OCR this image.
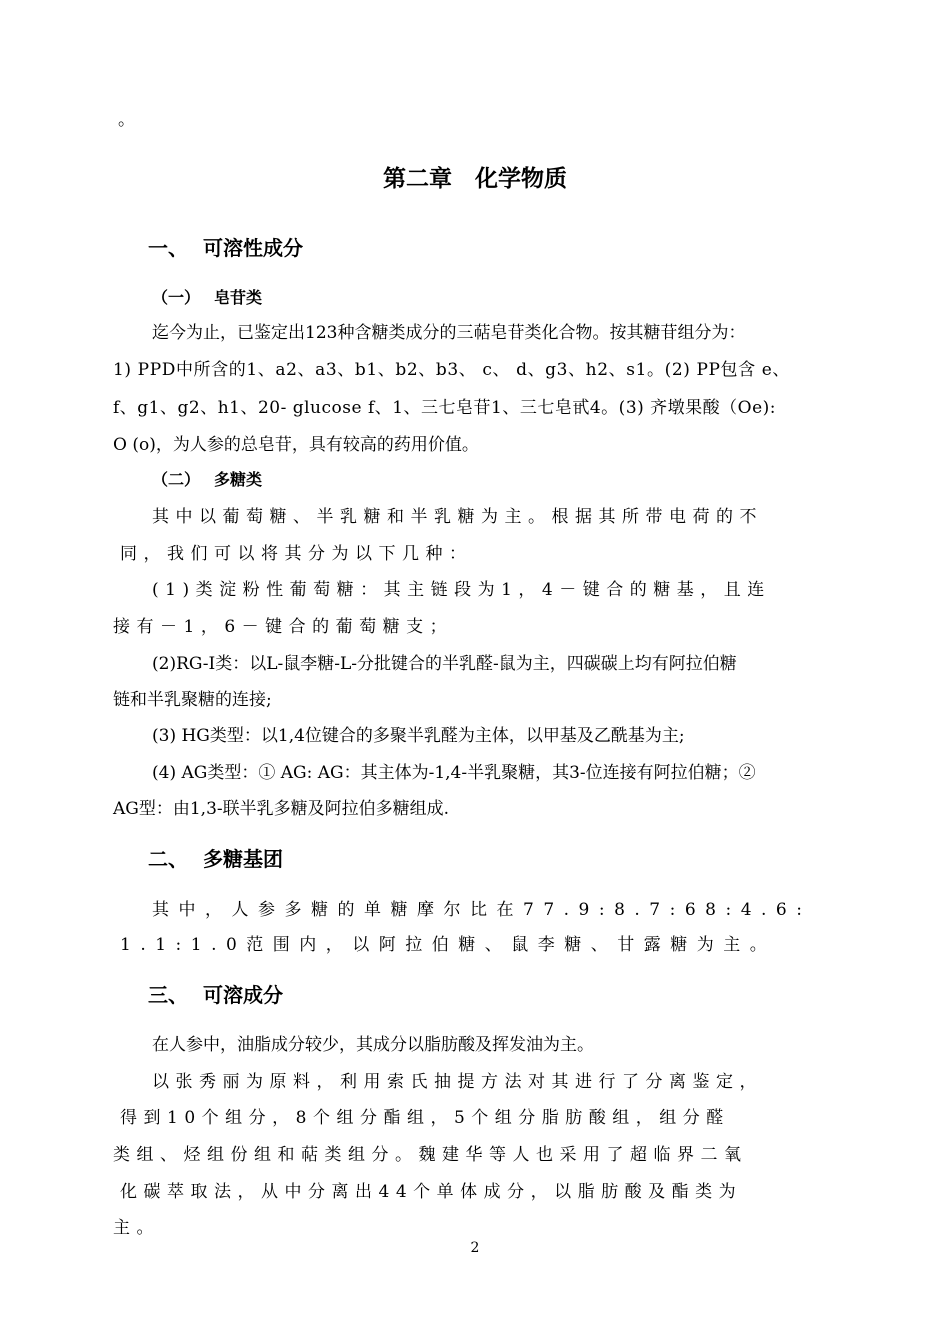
。
第二章　化学物质
一、 可溶性成分
（一） 皂苷类
迄今为止，已鉴定出123种含糖类成分的三萜皂苷类化合物。按其糖苷组分为：
1) PPD中所含的1、a2、a3、b1、b2、b3、 c、 d、g3、h2、s1。(2) PP包含 e、
f、g1、g2、h1、20- glucose f、1、三七皂苷1、三七皂甙4。(3) 齐墩果酸（Oe):
O (o)，为人参的总皂苷，具有较高的药用价值。
（二） 多糖类
其中以葡萄糖、半乳糖和半乳糖为主。根据其所带电荷的不
同，我们可以将其分为以下几种：
(1)类淀粉性葡萄糖：其主链段为1，4－键合的糖基，且连
接有－1，6－键合的葡萄糖支；
(2)RG-I类：以L-鼠李糖-L-分批键合的半乳醛-鼠为主，四碳碳上均有阿拉伯糖
链和半乳聚糖的连接;
(3) HG类型：以1,4位键合的多聚半乳醛为主体，以甲基及乙酰基为主;
(4) AG类型：① AG: AG：其主体为-1,4-半乳聚糖，其3-位连接有阿拉伯糖；②
AG型：由1,3-联半乳多糖及阿拉伯多糖组成.
二、 多糖基团
其中，人参多糖的单糖摩尔比在77.9:8.7:68:4.6:
1.1:1.0范围内，以阿拉伯糖、鼠李糖、甘露糖为主。
三、 可溶成分
在人参中，油脂成分较少，其成分以脂肪酸及挥发油为主。
以张秀丽为原料，利用索氏抽提方法对其进行了分离鉴定，
得到10个组分，8个组分酯组，5个组分脂肪酸组，组分醛
类组、烃组份组和萜类组分。魏建华等人也采用了超临界二氧
化碳萃取法，从中分离出44个单体成分，以脂肪酸及酯类为
主。
2
